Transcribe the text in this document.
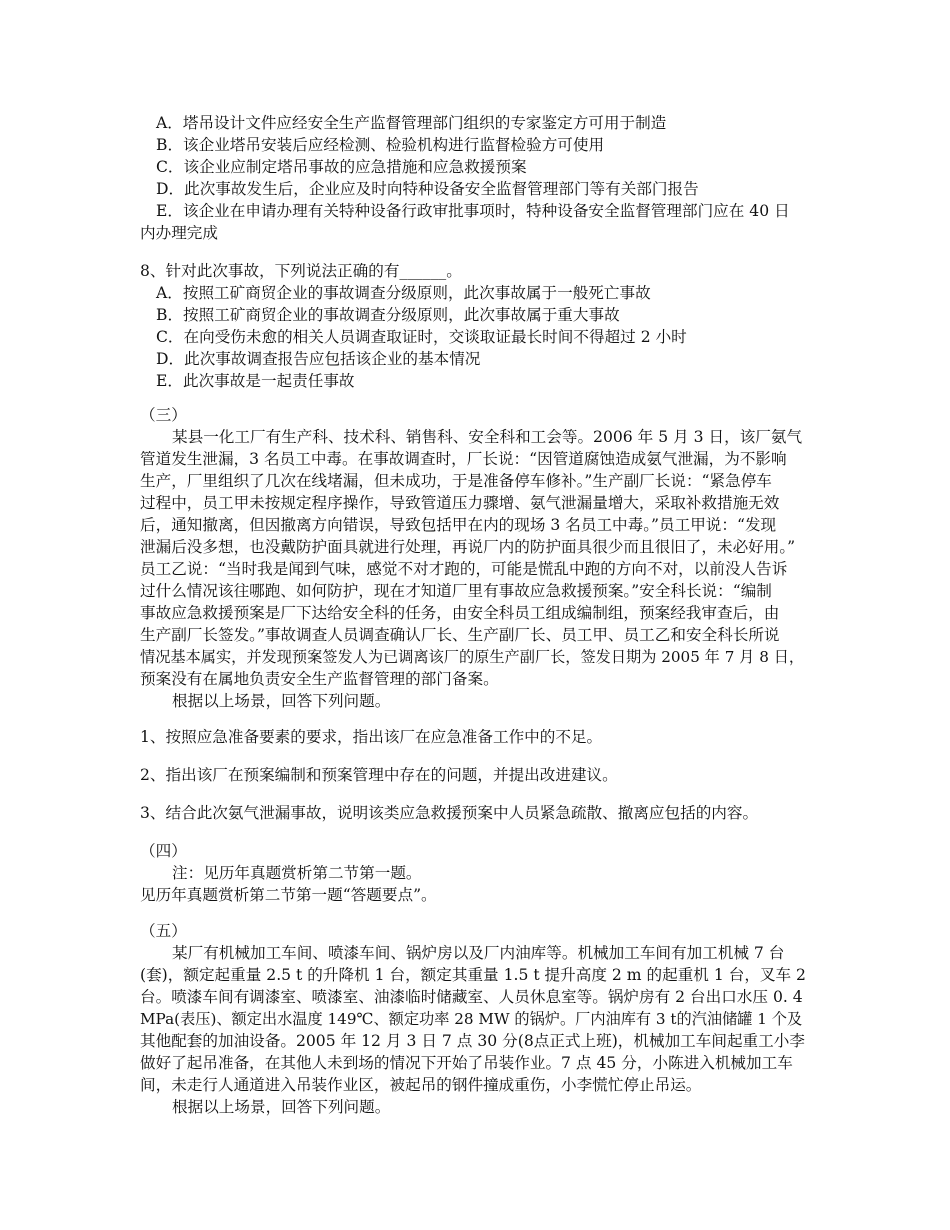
A．塔吊设计文件应经安全生产监督管理部门组织的专家鉴定方可用于制造
B．该企业塔吊安装后应经检测、检验机构进行监督检验方可使用
C．该企业应制定塔吊事故的应急措施和应急救援预案
D．此次事故发生后，企业应及时向特种设备安全监督管理部门等有关部门报告
E．该企业在申请办理有关特种设备行政审批事项时，特种设备安全监督管理部门应在 40 日
内办理完成
8、针对此次事故，下列说法正确的有______。
A．按照工矿商贸企业的事故调查分级原则，此次事故属于一般死亡事故
B．按照工矿商贸企业的事故调查分级原则，此次事故属于重大事故
C．在向受伤未愈的相关人员调查取证时，交谈取证最长时间不得超过 2 小时
D．此次事故调查报告应包括该企业的基本情况
E．此次事故是一起责任事故
（三）
某县一化工厂有生产科、技术科、销售科、安全科和工会等。2006 年 5 月 3 日，该厂氨气
管道发生泄漏，3 名员工中毒。在事故调查时，厂长说：“因管道腐蚀造成氨气泄漏，为不影响
生产，厂里组织了几次在线堵漏，但未成功，于是准备停车修补。”生产副厂长说：“紧急停车
过程中，员工甲未按规定程序操作，导致管道压力骤增、氨气泄漏量增大，采取补救措施无效
后，通知撤离，但因撤离方向错误，导致包括甲在内的现场 3 名员工中毒。”员工甲说：“发现
泄漏后没多想，也没戴防护面具就进行处理，再说厂内的防护面具很少而且很旧了，未必好用。”
员工乙说：“当时我是闻到气味，感觉不对才跑的，可能是慌乱中跑的方向不对，以前没人告诉
过什么情况该往哪跑、如何防护，现在才知道厂里有事故应急救援预案。”安全科长说：“编制
事故应急救援预案是厂下达给安全科的任务，由安全科员工组成编制组，预案经我审查后，由
生产副厂长签发。”事故调查人员调查确认厂长、生产副厂长、员工甲、员工乙和安全科长所说
情况基本属实，并发现预案签发人为已调离该厂的原生产副厂长，签发日期为 2005 年 7 月 8 日，
预案没有在属地负责安全生产监督管理的部门备案。
根据以上场景，回答下列问题。
1、按照应急准备要素的要求，指出该厂在应急准备工作中的不足。
2、指出该厂在预案编制和预案管理中存在的问题，并提出改进建议。
3、结合此次氨气泄漏事故，说明该类应急救援预案中人员紧急疏散、撤离应包括的内容。
（四）
注：见历年真题赏析第二节第一题。
见历年真题赏析第二节第一题“答题要点”。
（五）
某厂有机械加工车间、喷漆车间、锅炉房以及厂内油库等。机械加工车间有加工机械 7 台
(套)，额定起重量 2.5 t 的升降机 1 台，额定其重量 1.5 t 提升高度 2 m 的起重机 1 台，叉车 2
台。喷漆车间有调漆室、喷漆室、油漆临时储藏室、人员休息室等。锅炉房有 2 台出口水压 0. 4
MPa(表压)、额定出水温度 149℃、额定功率 28 MW 的锅炉。厂内油库有 3 t的汽油储罐 1 个及
其他配套的加油设备。2005 年 12 月 3 日 7 点 30 分(8点正式上班)，机械加工车间起重工小李
做好了起吊准备，在其他人未到场的情况下开始了吊装作业。7 点 45 分，小陈进入机械加工车
间，未走行人通道进入吊装作业区，被起吊的钢件撞成重伤，小李慌忙停止吊运。
根据以上场景，回答下列问题。
